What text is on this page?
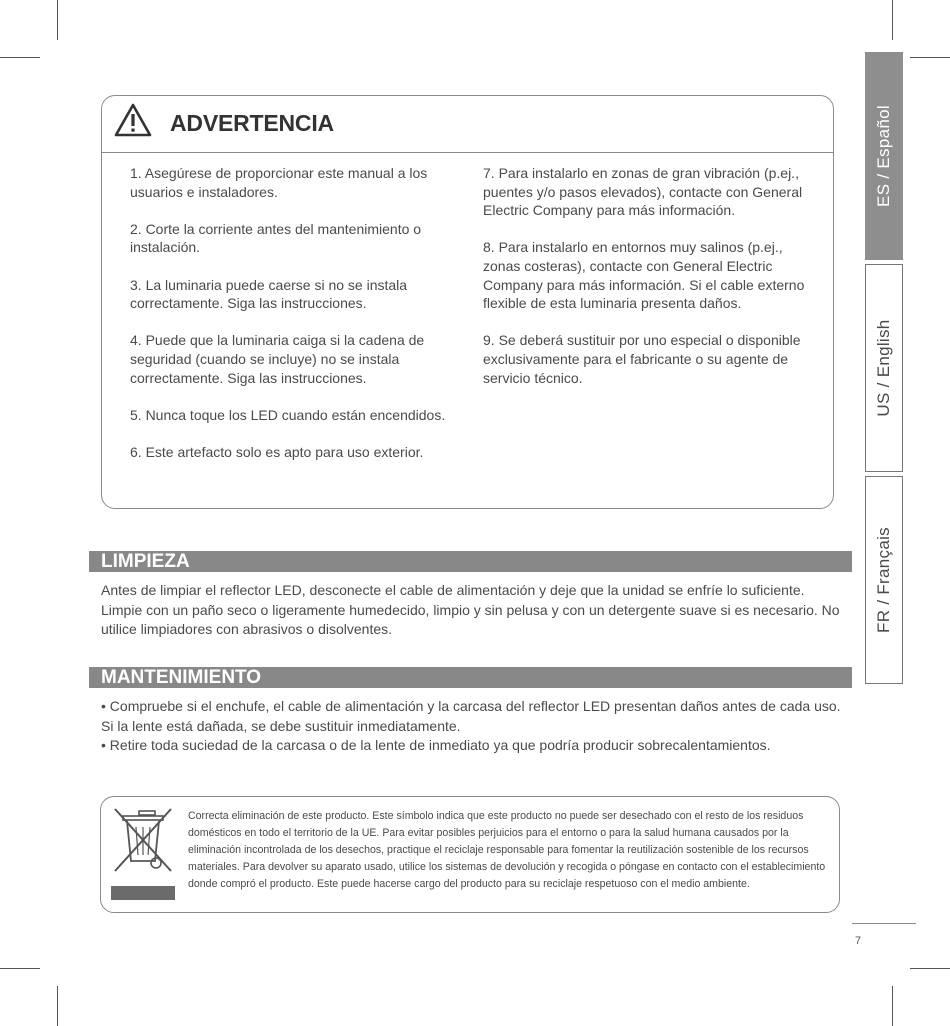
ADVERTENCIA

1. Asegúrese de proporcionar este manual a los usuarios e instaladores.

2. Corte la corriente antes del mantenimiento o instalación.

3. La luminaria puede caerse si no se instala correctamente. Siga las instrucciones.

4. Puede que la luminaria caiga si la cadena de seguridad (cuando se incluye) no se instala correctamente. Siga las instrucciones.

5. Nunca toque los LED cuando están encendidos.

6. Este artefacto solo es apto para uso exterior.

7. Para instalarlo en zonas de gran vibración (p.ej., puentes y/o pasos elevados), contacte con General Electric Company para más información.

8. Para instalarlo en entornos muy salinos (p.ej., zonas costeras), contacte con General Electric Company para más información. Si el cable externo flexible de esta luminaria presenta daños.

9. Se deberá sustituir por uno especial o disponible exclusivamente para el fabricante o su agente de servicio técnico.

ES / Español
US / English
FR / Français
LIMPIEZA

Antes de limpiar el reflector LED, desconecte el cable de alimentación y deje que la unidad se enfríe lo suficiente. Limpie con un paño seco o ligeramente humedecido, limpio y sin pelusa y con un detergente suave si es necesario. No utilice limpiadores con abrasivos o disolventes.

MANTENIMIENTO

• Compruebe si el enchufe, el cable de alimentación y la carcasa del reflector LED presentan daños antes de cada uso. Si la lente está dañada, se debe sustituir inmediatamente.

• Retire toda suciedad de la carcasa o de la lente de inmediato ya que podría producir sobrecalentamientos.

Correcta eliminación de este producto. Este símbolo indica que este producto no puede ser desechado con el resto de los residuos domésticos en todo el territorio de la UE. Para evitar posibles perjuicios para el entorno o para la salud humana causados por la eliminación incontrolada de los desechos, practique el reciclaje responsable para fomentar la reutilización sostenible de los recursos materiales. Para devolver su aparato usado, utilice los sistemas de devolución y recogida o póngase en contacto con el establecimiento donde compró el producto. Este puede hacerse cargo del producto para su reciclaje respetuoso con el medio ambiente.
7
